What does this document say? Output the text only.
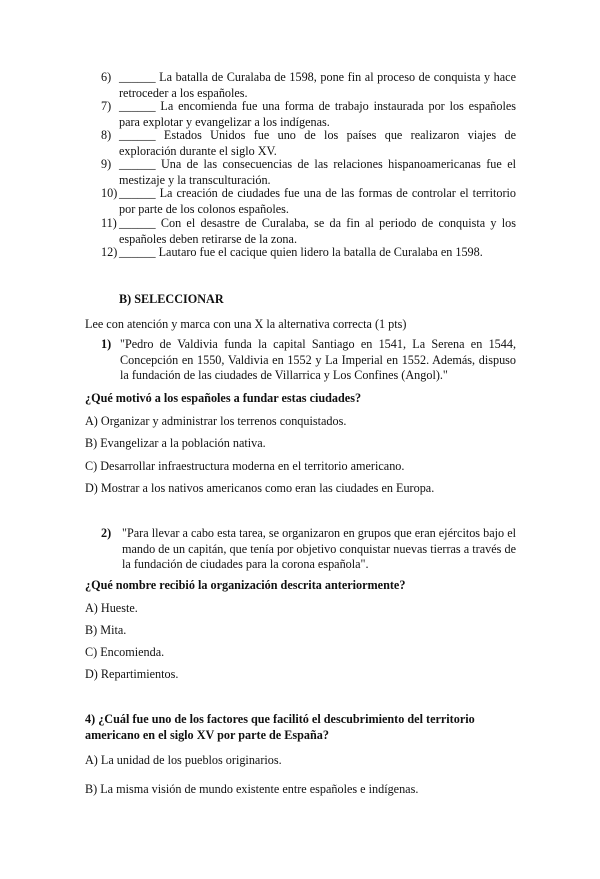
6) ______ La batalla de Curalaba de 1598, pone fin al proceso de conquista y hace retroceder a los españoles.
7) ______ La encomienda fue una forma de trabajo instaurada por los españoles para explotar y evangelizar a los indígenas.
8) ______ Estados Unidos fue uno de los países que realizaron viajes de exploración durante el siglo XV.
9) ______ Una de las consecuencias de las relaciones hispanoamericanas fue el mestizaje y la transculturación.
10) ______ La creación de ciudades fue una de las formas de controlar el territorio por parte de los colonos españoles.
11) ______ Con el desastre de Curalaba, se da fin al periodo de conquista y los españoles deben retirarse de la zona.
12) ______ Lautaro fue el cacique quien lidero la batalla de Curalaba en 1598.
B) SELECCIONAR
Lee con atención y marca con una X la alternativa correcta (1 pts)
1) "Pedro de Valdivia funda la capital Santiago en 1541, La Serena en 1544, Concepción en 1550, Valdivia en 1552 y La Imperial en 1552. Además, dispuso la fundación de las ciudades de Villarrica y Los Confines (Angol)."
¿Qué motivó a los españoles a fundar estas ciudades?
A) Organizar y administrar los terrenos conquistados.
B) Evangelizar a la población nativa.
C) Desarrollar infraestructura moderna en el territorio americano.
D) Mostrar a los nativos americanos como eran las ciudades en Europa.
2) "Para llevar a cabo esta tarea, se organizaron en grupos que eran ejércitos bajo el mando de un capitán, que tenía por objetivo conquistar nuevas tierras a través de la fundación de ciudades para la corona española".
¿Qué nombre recibió la organización descrita anteriormente?
A) Hueste.
B) Mita.
C) Encomienda.
D) Repartimientos.
4) ¿Cuál fue uno de los factores que facilitó el descubrimiento del territorio americano en el siglo XV por parte de España?
A) La unidad de los pueblos originarios.
B) La misma visión de mundo existente entre españoles e indígenas.
